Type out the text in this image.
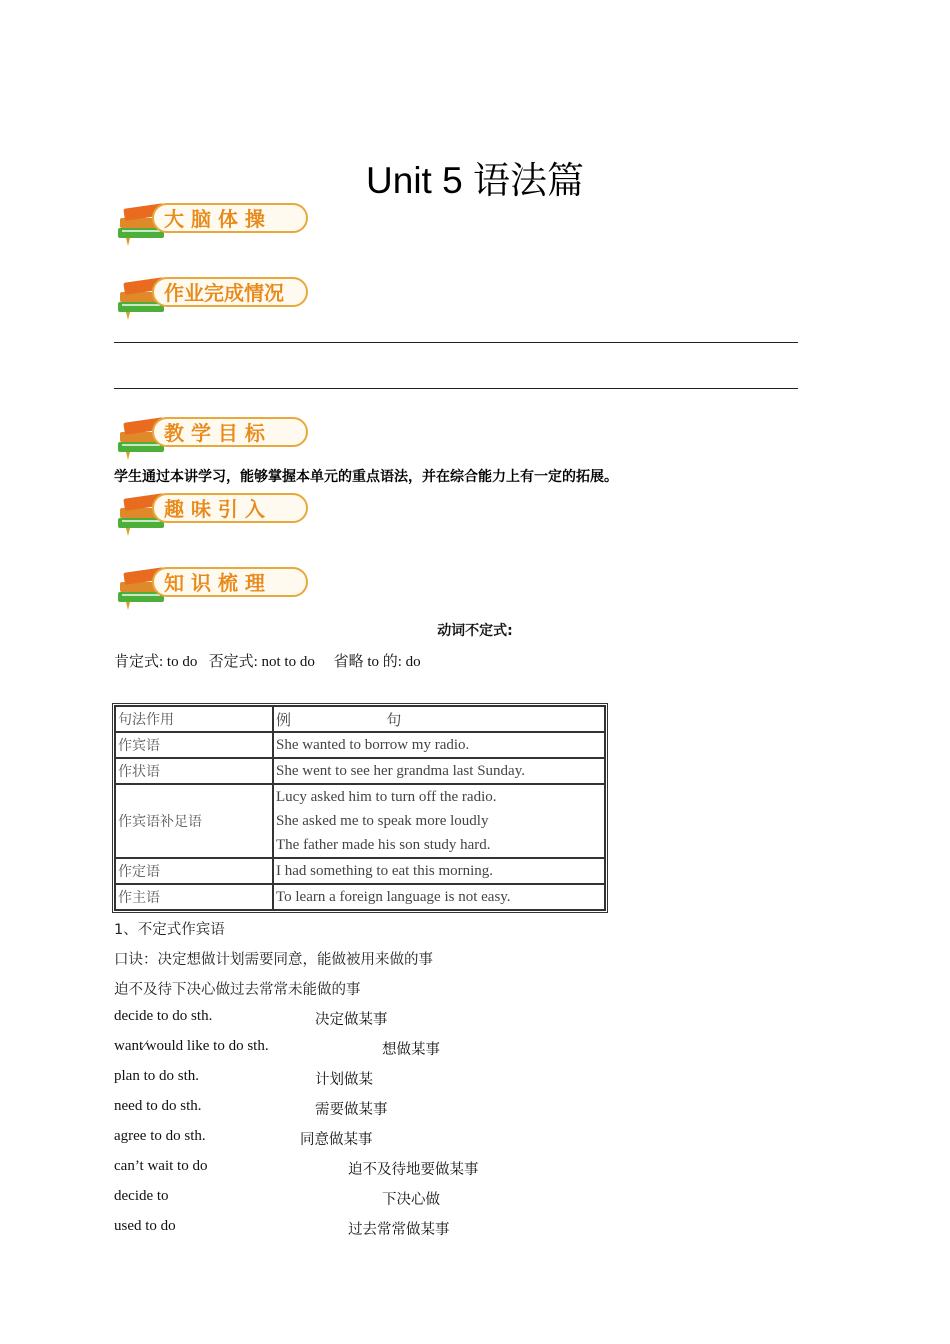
Unit 5 语法篇
大 脑 体 操
作业完成情况
教 学 目 标
学生通过本讲学习，能够掌握本单元的重点语法，并在综合能力上有一定的拓展。
趣 味 引 入
知 识 梳 理
动词不定式:
肯定式: to do   否定式: not to do     省略 to 的: do
句法作用	例                    句
作宾语	She wanted to borrow my radio.
作状语	She went to see her grandma last Sunday.
作宾语补足语	Lucy asked him to turn off the radio.
She asked me to speak more loudly
The father made his son study hard.

作定语	I had something to eat this morning.
作主语	To learn a foreign language is not easy.
1、不定式作宾语
口诀：决定想做计划需要同意，能做被用来做的事
迫不及待下决心做过去常常未能做的事
decide to do sth.	决定做某事
want⁄would like to do sth.	想做某事
plan to do sth.	计划做某
need to do sth.	需要做某事
agree to do sth.	同意做某事
can’t wait to do	迫不及待地要做某事
decide to	下决心做
used to do	过去常常做某事
